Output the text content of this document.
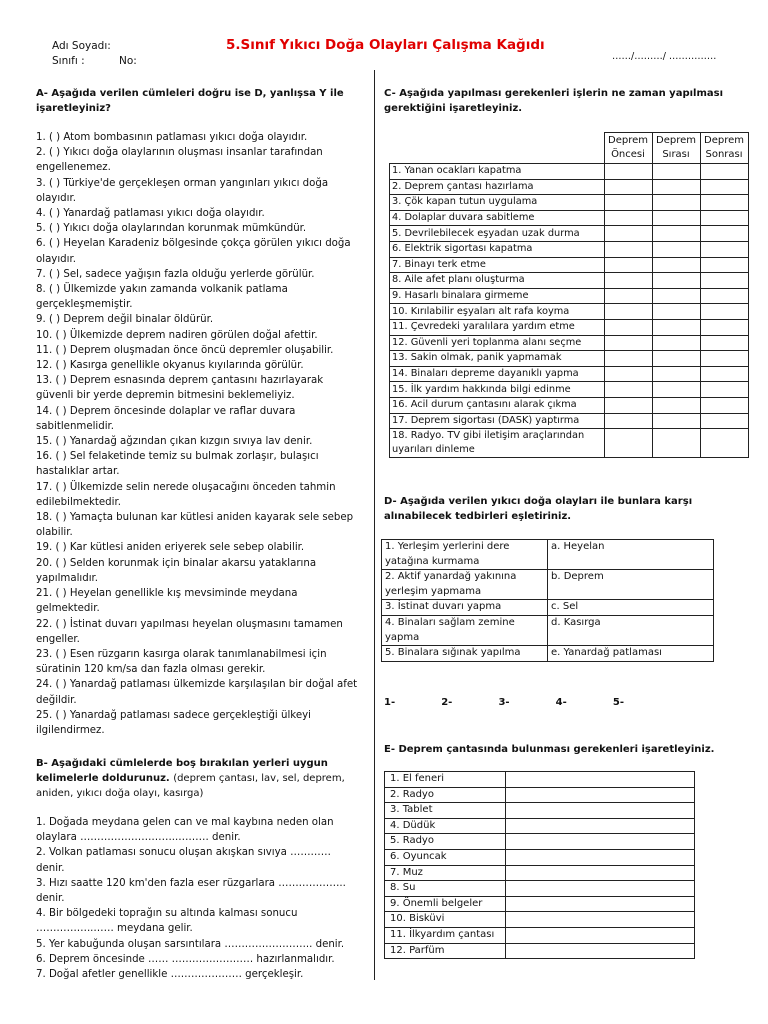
Adı Soyadı:
Sınıfı :	No:
5.Sınıf Yıkıcı Doğa Olayları Çalışma Kağıdı
……/………/ ……………
A- Aşağıda verilen cümleleri doğru ise D, yanlışsa Y ile işaretleyiniz?
1. ( ) Atom bombasının patlaması yıkıcı doğa olayıdır.
2. ( ) Yıkıcı doğa olaylarının oluşması insanlar tarafından engellenemez.
3. ( ) Türkiye'de gerçekleşen orman yangınları yıkıcı doğa olayıdır.
4. ( ) Yanardağ patlaması yıkıcı doğa olayıdır.
5. ( ) Yıkıcı doğa olaylarından korunmak mümkündür.
6. ( ) Heyelan Karadeniz bölgesinde çokça görülen yıkıcı doğa olayıdır.
7. ( ) Sel, sadece yağışın fazla olduğu yerlerde görülür.
8. ( ) Ülkemizde yakın zamanda volkanik patlama gerçekleşmemiştir.
9. ( ) Deprem değil binalar öldürür.
10. ( ) Ülkemizde deprem nadiren görülen doğal afettir.
11. ( ) Deprem oluşmadan önce öncü depremler oluşabilir.
12. ( ) Kasırga genellikle okyanus kıyılarında görülür.
13. ( ) Deprem esnasında deprem çantasını hazırlayarak güvenli bir yerde depremin bitmesini beklemeliyiz.
14. ( ) Deprem öncesinde dolaplar ve raflar duvara sabitlenmelidir.
15. ( ) Yanardağ ağzından çıkan kızgın sıvıya lav denir.
16. ( ) Sel felaketinde temiz su bulmak zorlaşır, bulaşıcı hastalıklar artar.
17. ( ) Ülkemizde selin nerede oluşacağını önceden tahmin edilebilmektedir.
18. ( ) Yamaçta bulunan kar kütlesi aniden kayarak sele sebep olabilir.
19. ( ) Kar kütlesi aniden eriyerek sele sebep olabilir.
20. ( ) Selden korunmak için binalar akarsu yataklarına yapılmalıdır.
21. ( ) Heyelan genellikle kış mevsiminde meydana gelmektedir.
22. ( ) İstinat duvarı yapılması heyelan oluşmasını tamamen engeller.
23. ( ) Esen rüzgarın kasırga olarak tanımlanabilmesi için süratinin 120 km/sa dan fazla olması gerekir.
24. ( ) Yanardağ patlaması ülkemizde karşılaşılan bir doğal afet değildir.
25. ( ) Yanardağ patlaması sadece gerçekleştiği ülkeyi ilgilendirmez.
B- Aşağıdaki cümlelerde boş bırakılan yerleri uygun kelimelerle doldurunuz. (deprem çantası, lav, sel, deprem, aniden, yıkıcı doğa olayı, kasırga)
1. Doğada meydana gelen can ve mal kaybına neden olan olaylara ………………………..……… denir.
2. Volkan patlaması sonucu oluşan akışkan sıvıya ………… denir.
3. Hızı saatte 120 km'den fazla eser rüzgarlara ……………….. denir.
4. Bir bölgedeki toprağın su altında kalması sonucu ……………..…… meydana gelir.
5. Yer kabuğunda oluşan sarsıntılara …………………….. denir.
6. Deprem öncesinde …… …………………… hazırlanmalıdır.
7. Doğal afetler genellikle ………………… gerçekleşir.
C- Aşağıda yapılması gerekenleri işlerin ne zaman yapılması gerektiğini işaretleyiniz.
	Deprem Öncesi	Deprem Sırası	Deprem Sonrası
1. Yanan ocakları kapatma			
2. Deprem çantası hazırlama			
3. Çök kapan tutun uygulama			
4. Dolaplar duvara sabitleme			
5. Devrilebilecek eşyadan uzak durma			
6. Elektrik sigortası kapatma			
7. Binayı terk etme			
8. Aile afet planı oluşturma			
9. Hasarlı binalara girmeme			
10. Kırılabilir eşyaları alt rafa koyma			
11. Çevredeki yaralılara yardım etme			
12. Güvenli yeri toplanma alanı seçme			
13. Sakin olmak, panik yapmamak			
14. Binaları depreme dayanıklı yapma			
15. İlk yardım hakkında bilgi edinme			
16. Acil durum çantasını alarak çıkma			
17. Deprem sigortası (DASK) yaptırma			
18. Radyo. TV gibi iletişim araçlarından uyarıları dinleme			
D- Aşağıda verilen yıkıcı doğa olayları ile bunlara karşı alınabilecek tedbirleri eşletiriniz.
1. Yerleşim yerlerini dere yatağına kurmama	a. Heyelan
2. Aktif yanardağ yakınına yerleşim yapmama	b. Deprem
3. İstinat duvarı yapma	c. Sel
4. Binaları sağlam zemine yapma	d. Kasırga
5. Binalara sığınak yapılma	e. Yanardağ patlaması
1-	2-	3-	4-	5-
E- Deprem çantasında bulunması gerekenleri işaretleyiniz.
1. El feneri	
2. Radyo	
3. Tablet	
4. Düdük	
5. Radyo	
6. Oyuncak	
7. Muz	
8. Su	
9. Önemli belgeler	
10. Bisküvi	
11. İlkyardım çantası	
12. Parfüm	
